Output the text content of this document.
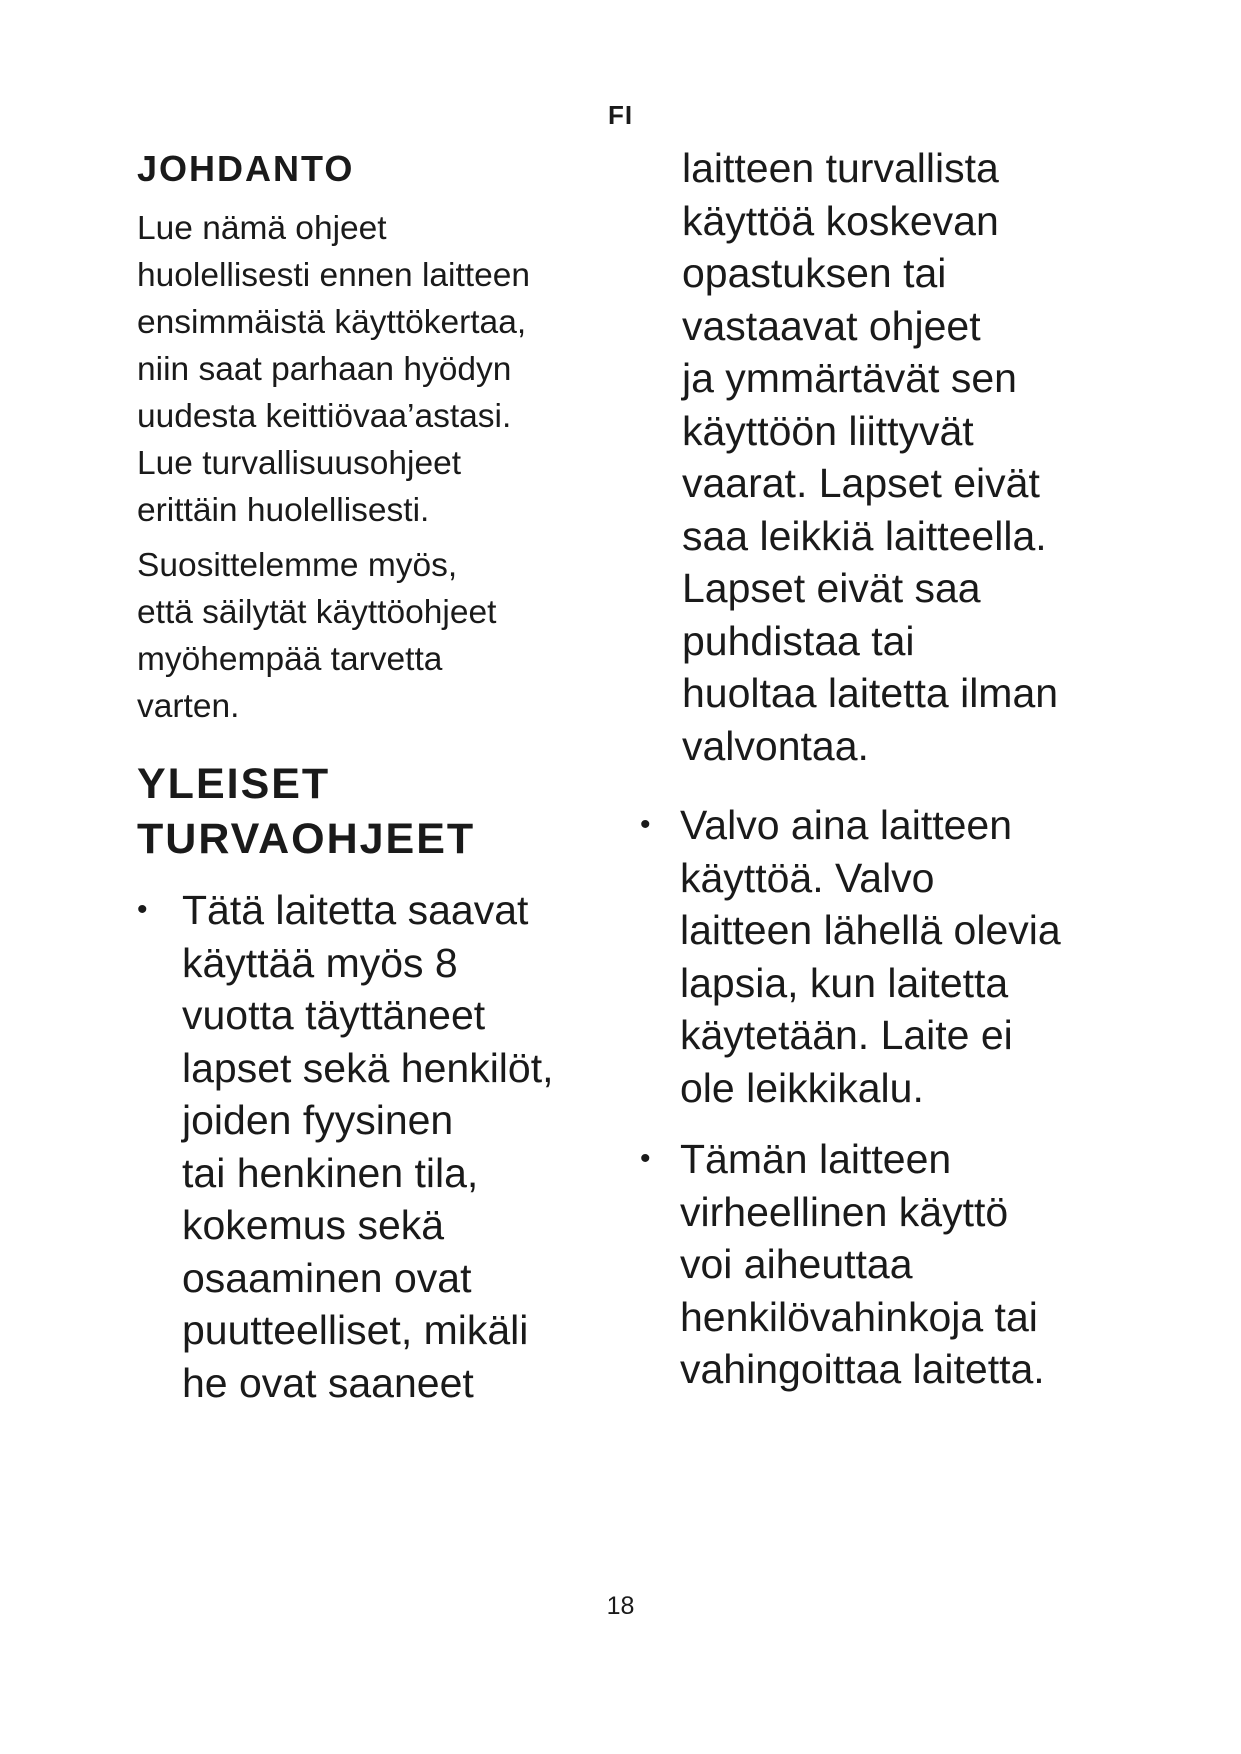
FI
JOHDANTO
Lue nämä ohjeet
huolellisesti ennen laitteen
ensimmäistä käyttökertaa,
niin saat parhaan hyödyn
uudesta keittiövaa’astasi.
Lue turvallisuusohjeet
erittäin huolellisesti.
Suosittelemme myös,
että säilytät käyttöohjeet
myöhempää tarvetta
varten.
YLEISET
TURVAOHJEET
• Tätä laitetta saavat
käyttää myös 8
vuotta täyttäneet
lapset sekä henkilöt,
joiden fyysinen
tai henkinen tila,
kokemus sekä
osaaminen ovat
puutteelliset, mikäli
he ovat saaneet
laitteen turvallista
käyttöä koskevan
opastuksen tai
vastaavat ohjeet
ja ymmärtävät sen
käyttöön liittyvät
vaarat. Lapset eivät
saa leikkiä laitteella.
Lapset eivät saa
puhdistaa tai
huoltaa laitetta ilman
valvontaa.
• Valvo aina laitteen
käyttöä. Valvo
laitteen lähellä olevia
lapsia, kun laitetta
käytetään. Laite ei
ole leikkikalu.
• Tämän laitteen
virheellinen käyttö
voi aiheuttaa
henkilövahinkoja tai
vahingoittaa laitetta.
18
